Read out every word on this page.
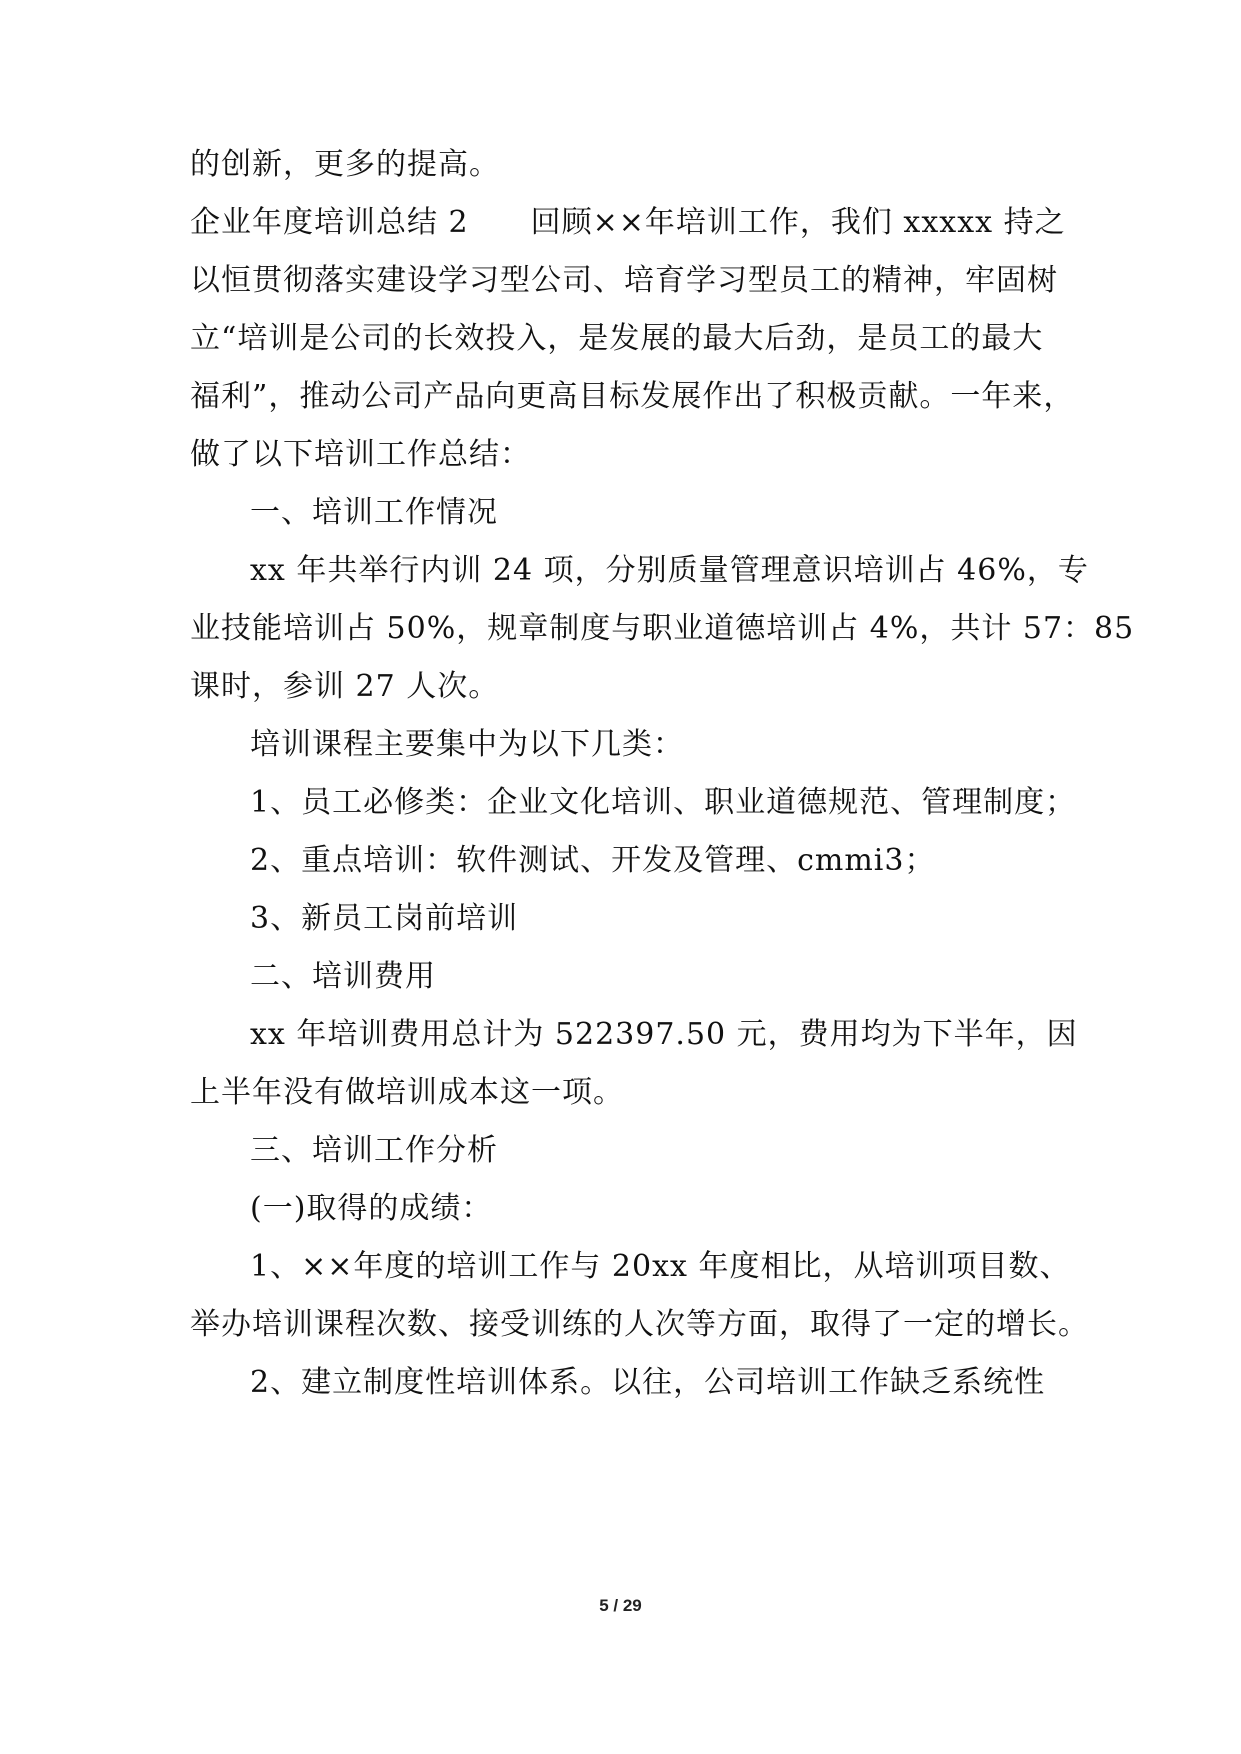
的创新，更多的提高。
企业年度培训总结 2　　回顾××年培训工作，我们 xxxxx 持之
以恒贯彻落实建设学习型公司、培育学习型员工的精神，牢固树
立“培训是公司的长效投入，是发展的最大后劲，是员工的最大
福利”，推动公司产品向更高目标发展作出了积极贡献。一年来，
做了以下培训工作总结：
一、培训工作情况
xx 年共举行内训 24 项，分别质量管理意识培训占 46%，专
业技能培训占 50%，规章制度与职业道德培训占 4%，共计 57：85
课时，参训 27 人次。
培训课程主要集中为以下几类：
1、员工必修类：企业文化培训、职业道德规范、管理制度；
2、重点培训：软件测试、开发及管理、cmmi3；
3、新员工岗前培训
二、培训费用
xx 年培训费用总计为 522397.50 元，费用均为下半年，因
上半年没有做培训成本这一项。
三、培训工作分析
(一)取得的成绩：
1、××年度的培训工作与 20xx 年度相比，从培训项目数、
举办培训课程次数、接受训练的人次等方面，取得了一定的增长。
2、建立制度性培训体系。以往，公司培训工作缺乏系统性
5 / 29
